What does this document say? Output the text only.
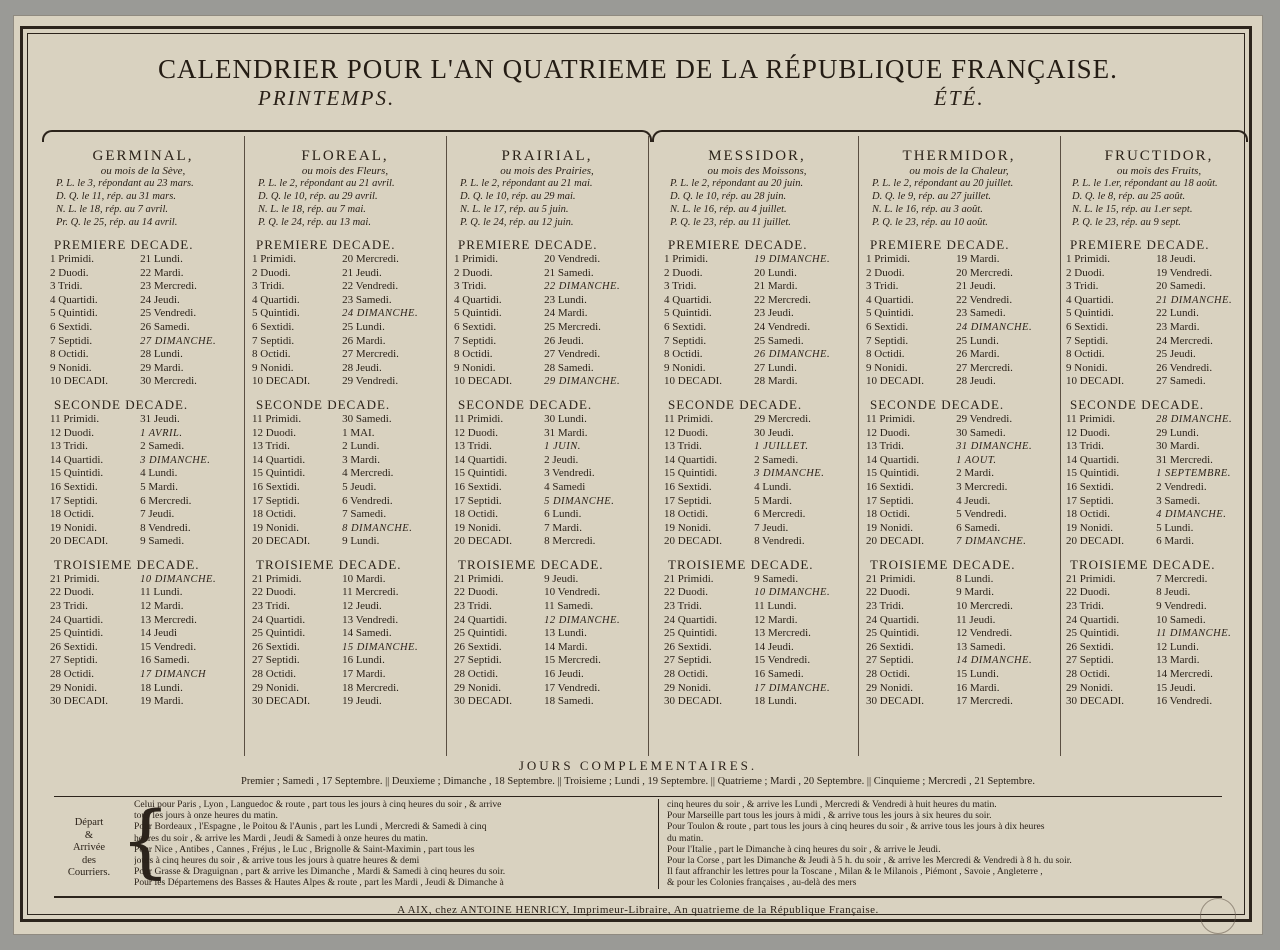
CALENDRIER POUR L'AN QUATRIEME DE LA RÉPUBLIQUE FRANÇAISE.
PRINTEMPS.	ÉTÉ.
GERMINAL,
ou mois de la Sève,
P. L. le 3, répondant au 23 mars.
D. Q. le 11, rép. au 31 mars.
N. L. le 18, rép. au 7 avril.
Pr. Q. le 25, rép. au 14 avril.
PREMIERE DECADE.
1 Primidi.	21 Lundi.
2 Duodi.	22 Mardi.
3 Tridi.	23 Mercredi.
4 Quartidi.	24 Jeudi.
5 Quintidi.	25 Vendredi.
6 Sextidi.	26 Samedi.
7 Septidi.	27 DIMANCHE.
8 Octidi.	28 Lundi.
9 Nonidi.	29 Mardi.
10 DECADI.	30 Mercredi.
SECONDE DECADE.
11 Primidi.	31 Jeudi.
12 Duodi.	1 AVRIL.
13 Tridi.	2 Samedi.
14 Quartidi.	3 DIMANCHE.
15 Quintidi.	4 Lundi.
16 Sextidi.	5 Mardi.
17 Septidi.	6 Mercredi.
18 Octidi.	7 Jeudi.
19 Nonidi.	8 Vendredi.
20 DECADI.	9 Samedi.
TROISIEME DECADE.
21 Primidi.	10 DIMANCHE.
22 Duodi.	11 Lundi.
23 Tridi.	12 Mardi.
24 Quartidi.	13 Mercredi.
25 Quintidi.	14 Jeudi
26 Sextidi.	15 Vendredi.
27 Septidi.	16 Samedi.
28 Octidi.	17 DIMANCH
29 Nonidi.	18 Lundi.
30 DECADI.	19 Mardi.
FLOREAL,
ou mois des Fleurs,
P. L. le 2, répondant au 21 avril.
D. Q. le 10, rép. au 29 avril.
N. L. le 18, rép. au 7 mai.
P. Q. le 24, rép. au 13 mai.
PREMIERE DECADE.
1 Primidi.	20 Mercredi.
2 Duodi.	21 Jeudi.
3 Tridi.	22 Vendredi.
4 Quartidi.	23 Samedi.
5 Quintidi.	24 DIMANCHE.
6 Sextidi.	25 Lundi.
7 Septidi.	26 Mardi.
8 Octidi.	27 Mercredi.
9 Nonidi.	28 Jeudi.
10 DECADI.	29 Vendredi.
SECONDE DECADE.
11 Primidi.	30 Samedi.
12 Duodi.	1 MAI.
13 Tridi.	2 Lundi.
14 Quartidi.	3 Mardi.
15 Quintidi.	4 Mercredi.
16 Sextidi.	5 Jeudi.
17 Septidi.	6 Vendredi.
18 Octidi.	7 Samedi.
19 Nonidi.	8 DIMANCHE.
20 DECADI.	9 Lundi.
TROISIEME DECADE.
21 Primidi.	10 Mardi.
22 Duodi.	11 Mercredi.
23 Tridi.	12 Jeudi.
24 Quartidi.	13 Vendredi.
25 Quintidi.	14 Samedi.
26 Sextidi.	15 DIMANCHE.
27 Septidi.	16 Lundi.
28 Octidi.	17 Mardi.
29 Nonidi.	18 Mercredi.
30 DECADI.	19 Jeudi.
PRAIRIAL,
ou mois des Prairies,
P. L. le 2, répondant au 21 mai.
D. Q. le 10, rép. au 29 mai.
N. L. le 17, rép. au 5 juin.
P. Q. le 24, rép. au 12 juin.
PREMIERE DECADE.
1 Primidi.	20 Vendredi.
2 Duodi.	21 Samedi.
3 Tridi.	22 DIMANCHE.
4 Quartidi.	23 Lundi.
5 Quintidi.	24 Mardi.
6 Sextidi.	25 Mercredi.
7 Septidi.	26 Jeudi.
8 Octidi.	27 Vendredi.
9 Nonidi.	28 Samedi.
10 DECADI.	29 DIMANCHE.
SECONDE DECADE.
11 Primidi.	30 Lundi.
12 Duodi.	31 Mardi.
13 Tridi.	1 JUIN.
14 Quartidi.	2 Jeudi.
15 Quintidi.	3 Vendredi.
16 Sextidi.	4 Samedi
17 Septidi.	5 DIMANCHE.
18 Octidi.	6 Lundi.
19 Nonidi.	7 Mardi.
20 DECADI.	8 Mercredi.
TROISIEME DECADE.
21 Primidi.	9 Jeudi.
22 Duodi.	10 Vendredi.
23 Tridi.	11 Samedi.
24 Quartidi.	12 DIMANCHE.
25 Quintidi.	13 Lundi.
26 Sextidi.	14 Mardi.
27 Septidi.	15 Mercredi.
28 Octidi.	16 Jeudi.
29 Nonidi.	17 Vendredi.
30 DECADI.	18 Samedi.
MESSIDOR,
ou mois des Moissons,
P. L. le 2, répondant au 20 juin.
D. Q. le 10, rép. au 28 juin.
N. L. le 16, rép. au 4 juillet.
P. Q. le 23, rép. au 11 juillet.
PREMIERE DECADE.
1 Primidi.	19 DIMANCHE.
2 Duodi.	20 Lundi.
3 Tridi.	21 Mardi.
4 Quartidi.	22 Mercredi.
5 Quintidi.	23 Jeudi.
6 Sextidi.	24 Vendredi.
7 Septidi.	25 Samedi.
8 Octidi.	26 DIMANCHE.
9 Nonidi.	27 Lundi.
10 DECADI.	28 Mardi.
SECONDE DECADE.
11 Primidi.	29 Mercredi.
12 Duodi.	30 Jeudi.
13 Tridi.	1 JUILLET.
14 Quartidi.	2 Samedi.
15 Quintidi.	3 DIMANCHE.
16 Sextidi.	4 Lundi.
17 Septidi.	5 Mardi.
18 Octidi.	6 Mercredi.
19 Nonidi.	7 Jeudi.
20 DECADI.	8 Vendredi.
TROISIEME DECADE.
21 Primidi.	9 Samedi.
22 Duodi.	10 DIMANCHE.
23 Tridi.	11 Lundi.
24 Quartidi.	12 Mardi.
25 Quintidi.	13 Mercredi.
26 Sextidi.	14 Jeudi.
27 Septidi.	15 Vendredi.
28 Octidi.	16 Samedi.
29 Nonidi.	17 DIMANCHE.
30 DECADI.	18 Lundi.
THERMIDOR,
ou mois de la Chaleur,
P. L. le 2, répondant au 20 juillet.
D. Q. le 9, rép. au 27 juillet.
N. L. le 16, rép. au 3 août.
P. Q. le 23, rép. au 10 août.
PREMIERE DECADE.
1 Primidi.	19 Mardi.
2 Duodi.	20 Mercredi.
3 Tridi.	21 Jeudi.
4 Quartidi.	22 Vendredi.
5 Quintidi.	23 Samedi.
6 Sextidi.	24 DIMANCHE.
7 Septidi.	25 Lundi.
8 Octidi.	26 Mardi.
9 Nonidi.	27 Mercredi.
10 DECADI.	28 Jeudi.
SECONDE DECADE.
11 Primidi.	29 Vendredi.
12 Duodi.	30 Samedi.
13 Tridi.	31 DIMANCHE.
14 Quartidi.	1 AOUT.
15 Quintidi.	2 Mardi.
16 Sextidi.	3 Mercredi.
17 Septidi.	4 Jeudi.
18 Octidi.	5 Vendredi.
19 Nonidi.	6 Samedi.
20 DECADI.	7 DIMANCHE.
TROISIEME DECADE.
21 Primidi.	8 Lundi.
22 Duodi.	9 Mardi.
23 Tridi.	10 Mercredi.
24 Quartidi.	11 Jeudi.
25 Quintidi.	12 Vendredi.
26 Sextidi.	13 Samedi.
27 Septidi.	14 DIMANCHE.
28 Octidi.	15 Lundi.
29 Nonidi.	16 Mardi.
30 DECADI.	17 Mercredi.
FRUCTIDOR,
ou mois des Fruits,
P. L. le 1.er, répondant au 18 août.
D. Q. le 8, rép. au 25 août.
N. L. le 15, rép. au 1.er sept.
P. Q. le 23, rép. au 9 sept.
PREMIERE DECADE.
1 Primidi.	18 Jeudi.
2 Duodi.	19 Vendredi.
3 Tridi.	20 Samedi.
4 Quartidi.	21 DIMANCHE.
5 Quintidi.	22 Lundi.
6 Sextidi.	23 Mardi.
7 Septidi.	24 Mercredi.
8 Octidi.	25 Jeudi.
9 Nonidi.	26 Vendredi.
10 DECADI.	27 Samedi.
SECONDE DECADE.
11 Primidi.	28 DIMANCHE.
12 Duodi.	29 Lundi.
13 Tridi.	30 Mardi.
14 Quartidi.	31 Mercredi.
15 Quintidi.	1 SEPTEMBRE.
16 Sextidi.	2 Vendredi.
17 Septidi.	3 Samedi.
18 Octidi.	4 DIMANCHE.
19 Nonidi.	5 Lundi.
20 DECADI.	6 Mardi.
TROISIEME DECADE.
21 Primidi.	7 Mercredi.
22 Duodi.	8 Jeudi.
23 Tridi.	9 Vendredi.
24 Quartidi.	10 Samedi.
25 Quintidi.	11 DIMANCHE.
26 Sextidi.	12 Lundi.
27 Septidi.	13 Mardi.
28 Octidi.	14 Mercredi.
29 Nonidi.	15 Jeudi.
30 DECADI.	16 Vendredi.
JOURS COMPLEMENTAIRES.
Premier ; Samedi , 17 Septembre. || Deuxieme ; Dimanche , 18 Septembre. || Troisieme ; Lundi , 19 Septembre. || Quatrieme ; Mardi , 20 Septembre. || Cinquieme ; Mercredi , 21 Septembre.
Départ
&
Arrivée
des
Courriers. {
Celui pour Paris , Lyon , Languedoc & route , part tous les jours à cinq heures du soir , & arrive
tous les jours à onze heures du matin.
Pour Bordeaux , l'Espagne , le Poitou & l'Aunis , part les Lundi , Mercredi & Samedi à cinq
heures du soir , & arrive les Mardi , Jeudi & Samedi à onze heures du matin.
Pour Nice , Antibes , Cannes , Fréjus , le Luc , Brignolle & Saint-Maximin , part tous les
jours à cinq heures du soir , & arrive tous les jours à quatre heures & demi
Pour Grasse & Draguignan , part & arrive les Dimanche , Mardi & Samedi à cinq heures du soir.
Pour les Départemens des Basses & Hautes Alpes & route , part les Mardi , Jeudi & Dimanche à
cinq heures du soir , & arrive les Lundi , Mercredi & Vendredi à huit heures du matin.
Pour Marseille part tous les jours à midi , & arrive tous les jours à six heures du soir.
Pour Toulon & route , part tous les jours à cinq heures du soir , & arrive tous les jours à dix heures
du matin.
Pour l'Italie , part le Dimanche à cinq heures du soir , & arrive le Jeudi.
Pour la Corse , part les Dimanche & Jeudi à 5 h. du soir , & arrive les Mercredi & Vendredi à 8 h. du soir.
Il faut affranchir les lettres pour la Toscane , Milan & le Milanois , Piémont , Savoie , Angleterre ,
& pour les Colonies françaises , au-delà des mers
A AIX, chez ANTOINE HENRICY, Imprimeur-Libraire, An quatrieme de la République Française.
